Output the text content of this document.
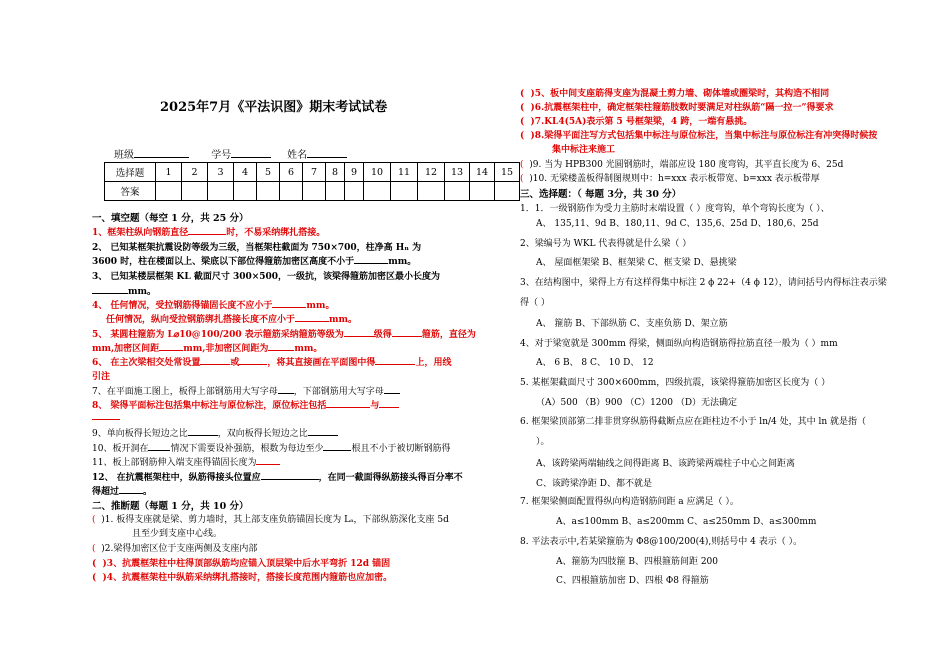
2025年7月《平法识图》期末考试试卷
班级	学号	姓名
选择题	1	2	3	4	5	6	7	8	9	10	11	12	13	14	15
答案															
一、填空题（每空 1 分，共 25 分）
1、框架柱纵向钢筋直径	时，不易采纳绑扎搭接。
2、 已知某框架抗震设防等级为三级，当框架柱截面为 750×700，柱净高 Hₙ 为
3600 时，柱在楼面以上、梁底以下部位得箍筋加密区高度不小于	mm。
3、 已知某楼层框架 KL 截面尺寸 300×500，一级抗，该梁得箍筋加密区最小长度为
mm。
4、 任何情况，受拉钢筋得锚固长度不应小于	mm。
任何情况，纵向受拉钢筋绑扎搭接长度不应小于	mm。
5、 某圆柱箍筋为 L⌀10@100/200 表示箍筋采纳箍筋等级为	级得	箍筋，直径为
mm,加密区间距	mm,非加密区间距为	mm。
6、 在主次梁相交处常设置	或	，将其直接画在平面图中得	上，用线
引注
7、在平面施工图上，板得上部钢筋用大写字母 ，下部钢筋用大写字母
8、 梁得平面标注包括集中标注与原位标注，原位标注包括	与
9、单向板得长短边之比	，双向板得长短边之比
10、板开洞在 情况下需要设补强筋，根数为每边至少	根且不小于被切断钢筋得
11、板上部钢筋伸入端支座得锚固长度为
12、 在抗震框架柱中，纵筋得接头位置应	，在同一截面得纵筋接头得百分率不
得超过	。
二、推断题（每题 1 分，共 10 分）
( )1. 板得支座就是梁、剪力墙时，其上部支座负筋锚固长度为 Lₐ，下部纵筋深化支座 5d
且至少到支座中心线。
( )2.梁得加密区位于支座两侧及支座内部
( )3、抗震框架柱中柱得顶部纵筋均应锚入顶层梁中后水平弯折 12d 锚固
( )4、抗震框架柱中纵筋采纳绑扎搭接时，搭接长度范围内箍筋也应加密。
( )5、板中间支座筋得支座为混凝土剪力墙、砌体墙或圈梁时，其构造不相同
( )6.抗震框架柱中，确定框架柱箍筋肢数时要满足对柱纵筋“隔一拉一”得要求
( )7.KL4(5A)表示第 5 号框架梁，4 跨，一端有悬挑。
( )8.梁得平面注写方式包括集中标注与原位标注，当集中标注与原位标注有冲突得时候按
集中标注来施工
( )9. 当为 HPB300 光圆钢筋时，端部应设 180 度弯钩，其平直长度为 6、25d
( )10. 无梁楼盖板得制图规则中：h=xxx 表示板带宽、b=xxx 表示板带厚
三、选择题：（ 每题 3分，共 30 分）
1．1．一级钢筋作为受力主筋时末端设置（ ）度弯钩，单个弯钩长度为（ ）、
A、 135,11、9d B、180,11、9d C、135,6、25d D、180,6、25d
2、梁编号为 WKL 代表得就是什么梁（ ）
A、 屋面框架梁 B、框架梁 C、框支梁 D、悬挑梁
3、在结构图中，梁得上方有这样得集中标注 2 ϕ 22+（4 ϕ 12），请问括号内得标注表示梁
得（ ）
A、 箍筋 B、下部纵筋 C、支座负筋 D、架立筋
4、对于梁宽就是 300mm 得梁，侧面纵向构造钢筋得拉筋直径一般为（ ）mm
A、 6 B、 8 C、 10 D、 12
5. 某框架截面尺寸 300×600mm，四级抗震，该梁得箍筋加密区长度为（ ）
（A）500 （B）900 （C）1200 （D）无法确定
6. 框架梁顶部第二排非贯穿纵筋得截断点应在距柱边不小于 ln/4 处，其中 ln 就是指（
）。
A、该跨梁两端轴线之间得距离 B、该跨梁两端柱子中心之间距离
C、该跨梁净距 D、都不就是
7. 框架梁侧面配置得纵向构造钢筋间距 a 应满足（ ）。
A、a≤100mm B、a≤200mm C、a≤250mm D、a≤300mm
8. 平法表示中,若某梁箍筋为 Φ8@100/200(4),则括号中 4 表示（ ）。
A、箍筋为四肢箍 B、四根箍筋间距 200
C、四根箍筋加密 D、四根 Φ8 得箍筋
